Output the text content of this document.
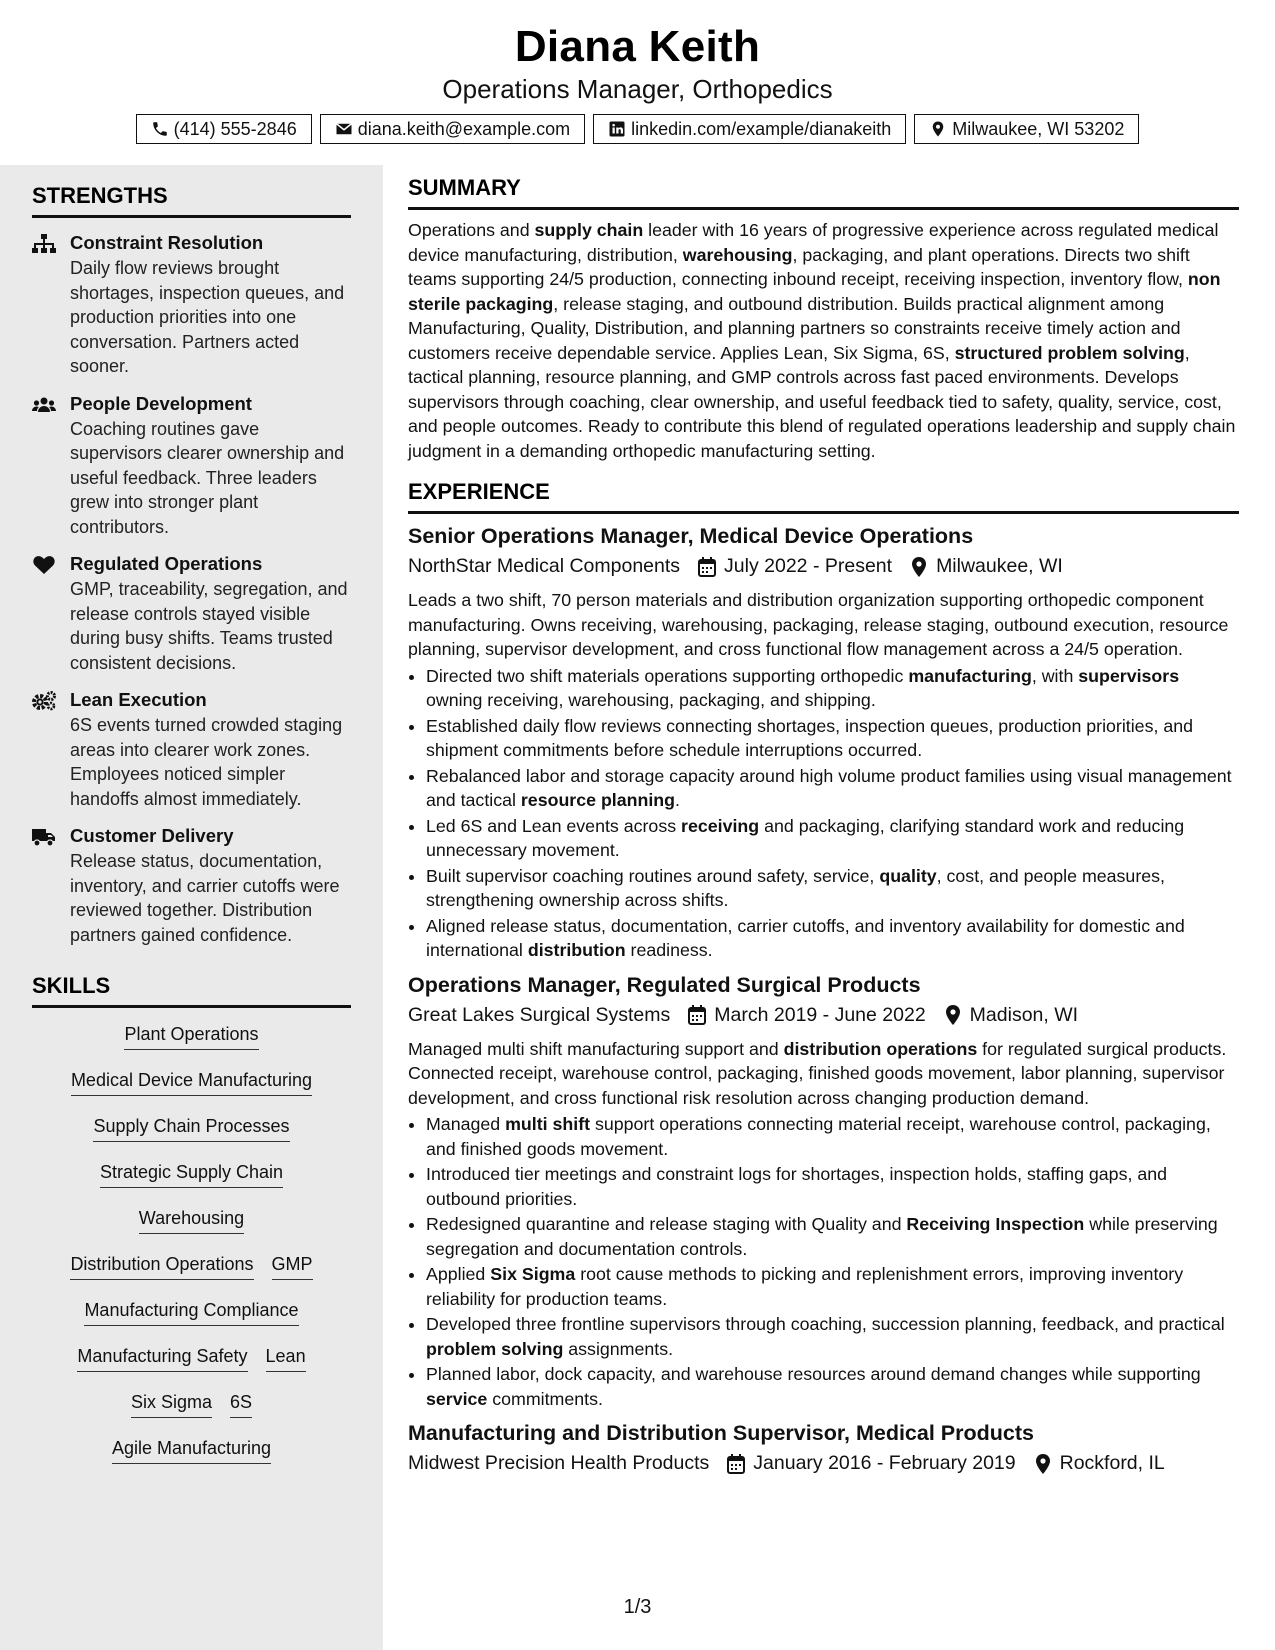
Diana Keith
Operations Manager, Orthopedics
(414) 555-2846	diana.keith@example.com	linkedin.com/example/dianakeith	Milwaukee, WI 53202
STRENGTHS
Constraint Resolution
Daily flow reviews brought shortages, inspection queues, and production priorities into one conversation. Partners acted sooner.
People Development
Coaching routines gave supervisors clearer ownership and useful feedback. Three leaders grew into stronger plant contributors.
Regulated Operations
GMP, traceability, segregation, and release controls stayed visible during busy shifts. Teams trusted consistent decisions.
Lean Execution
6S events turned crowded staging areas into clearer work zones. Employees noticed simpler handoffs almost immediately.
Customer Delivery
Release status, documentation, inventory, and carrier cutoffs were reviewed together. Distribution partners gained confidence.
SKILLS
Plant Operations
Medical Device Manufacturing
Supply Chain Processes
Strategic Supply Chain
Warehousing
Distribution Operations GMP
Manufacturing Compliance
Manufacturing Safety Lean
Six Sigma 6S
Agile Manufacturing
SUMMARY
Operations and supply chain leader with 16 years of progressive experience across regulated medical device manufacturing, distribution, warehousing, packaging, and plant operations. Directs two shift teams supporting 24/5 production, connecting inbound receipt, receiving inspection, inventory flow, non sterile packaging, release staging, and outbound distribution. Builds practical alignment among Manufacturing, Quality, Distribution, and planning partners so constraints receive timely action and customers receive dependable service. Applies Lean, Six Sigma, 6S, structured problem solving, tactical planning, resource planning, and GMP controls across fast paced environments. Develops supervisors through coaching, clear ownership, and useful feedback tied to safety, quality, service, cost, and people outcomes. Ready to contribute this blend of regulated operations leadership and supply chain judgment in a demanding orthopedic manufacturing setting.
EXPERIENCE
Senior Operations Manager, Medical Device Operations
NorthStar Medical Components July 2022 - Present Milwaukee, WI
Leads a two shift, 70 person materials and distribution organization supporting orthopedic component manufacturing. Owns receiving, warehousing, packaging, release staging, outbound execution, resource planning, supervisor development, and cross functional flow management across a 24/5 operation.
• Directed two shift materials operations supporting orthopedic manufacturing, with supervisors owning receiving, warehousing, packaging, and shipping.
• Established daily flow reviews connecting shortages, inspection queues, production priorities, and shipment commitments before schedule interruptions occurred.
• Rebalanced labor and storage capacity around high volume product families using visual management and tactical resource planning.
• Led 6S and Lean events across receiving and packaging, clarifying standard work and reducing unnecessary movement.
• Built supervisor coaching routines around safety, service, quality, cost, and people measures, strengthening ownership across shifts.
• Aligned release status, documentation, carrier cutoffs, and inventory availability for domestic and international distribution readiness.
Operations Manager, Regulated Surgical Products
Great Lakes Surgical Systems March 2019 - June 2022 Madison, WI
Managed multi shift manufacturing support and distribution operations for regulated surgical products. Connected receipt, warehouse control, packaging, finished goods movement, labor planning, supervisor development, and cross functional risk resolution across changing production demand.
• Managed multi shift support operations connecting material receipt, warehouse control, packaging, and finished goods movement.
• Introduced tier meetings and constraint logs for shortages, inspection holds, staffing gaps, and outbound priorities.
• Redesigned quarantine and release staging with Quality and Receiving Inspection while preserving segregation and documentation controls.
• Applied Six Sigma root cause methods to picking and replenishment errors, improving inventory reliability for production teams.
• Developed three frontline supervisors through coaching, succession planning, feedback, and practical problem solving assignments.
• Planned labor, dock capacity, and warehouse resources around demand changes while supporting service commitments.
Manufacturing and Distribution Supervisor, Medical Products
Midwest Precision Health Products January 2016 - February 2019 Rockford, IL
1/3
